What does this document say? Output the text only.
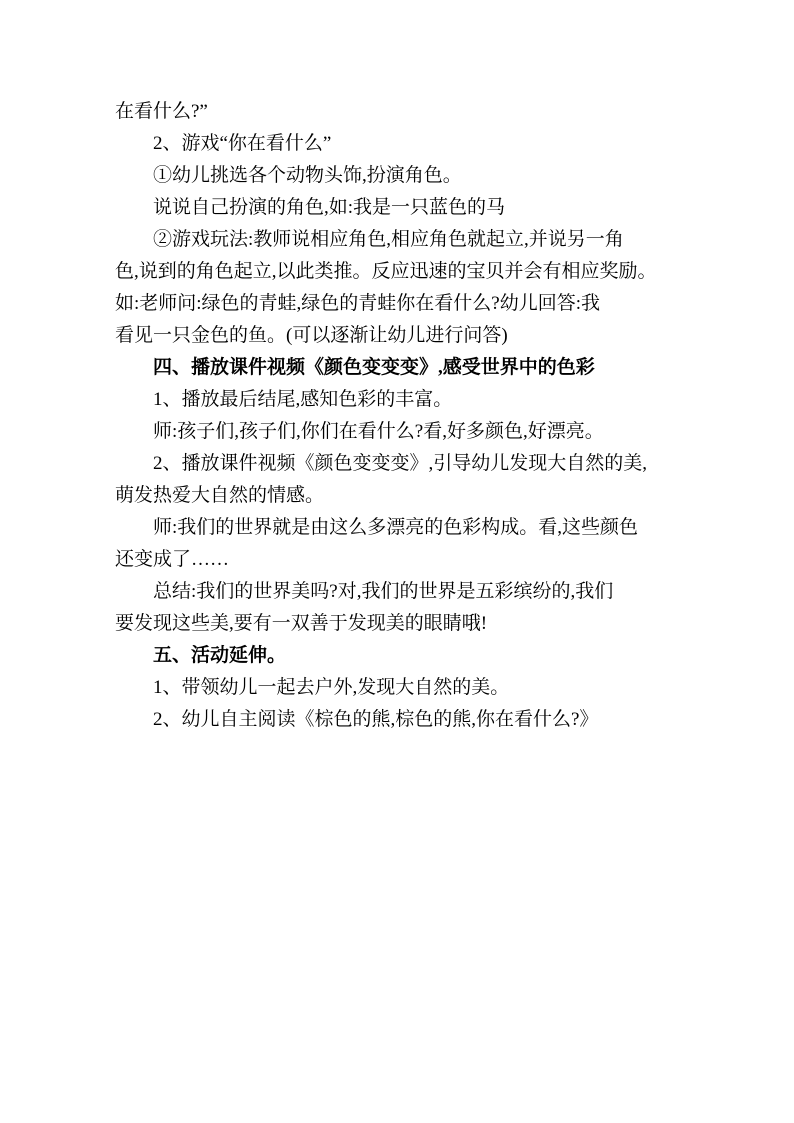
在看什么?”
2、游戏“你在看什么”
①幼儿挑选各个动物头饰,扮演角色。
说说自己扮演的角色,如:我是一只蓝色的马
②游戏玩法:教师说相应角色,相应角色就起立,并说另一角
色,说到的角色起立,以此类推。反应迅速的宝贝并会有相应奖励。
如:老师问:绿色的青蛙,绿色的青蛙你在看什么?幼儿回答:我
看见一只金色的鱼。(可以逐渐让幼儿进行问答)
四、播放课件视频《颜色变变变》,感受世界中的色彩
1、播放最后结尾,感知色彩的丰富。
师:孩子们,孩子们,你们在看什么?看,好多颜色,好漂亮。
2、播放课件视频《颜色变变变》,引导幼儿发现大自然的美,
萌发热爱大自然的情感。
师:我们的世界就是由这么多漂亮的色彩构成。看,这些颜色
还变成了……
总结:我们的世界美吗?对,我们的世界是五彩缤纷的,我们
要发现这些美,要有一双善于发现美的眼睛哦!
五、活动延伸。
1、带领幼儿一起去户外,发现大自然的美。
2、幼儿自主阅读《棕色的熊,棕色的熊,你在看什么?》
